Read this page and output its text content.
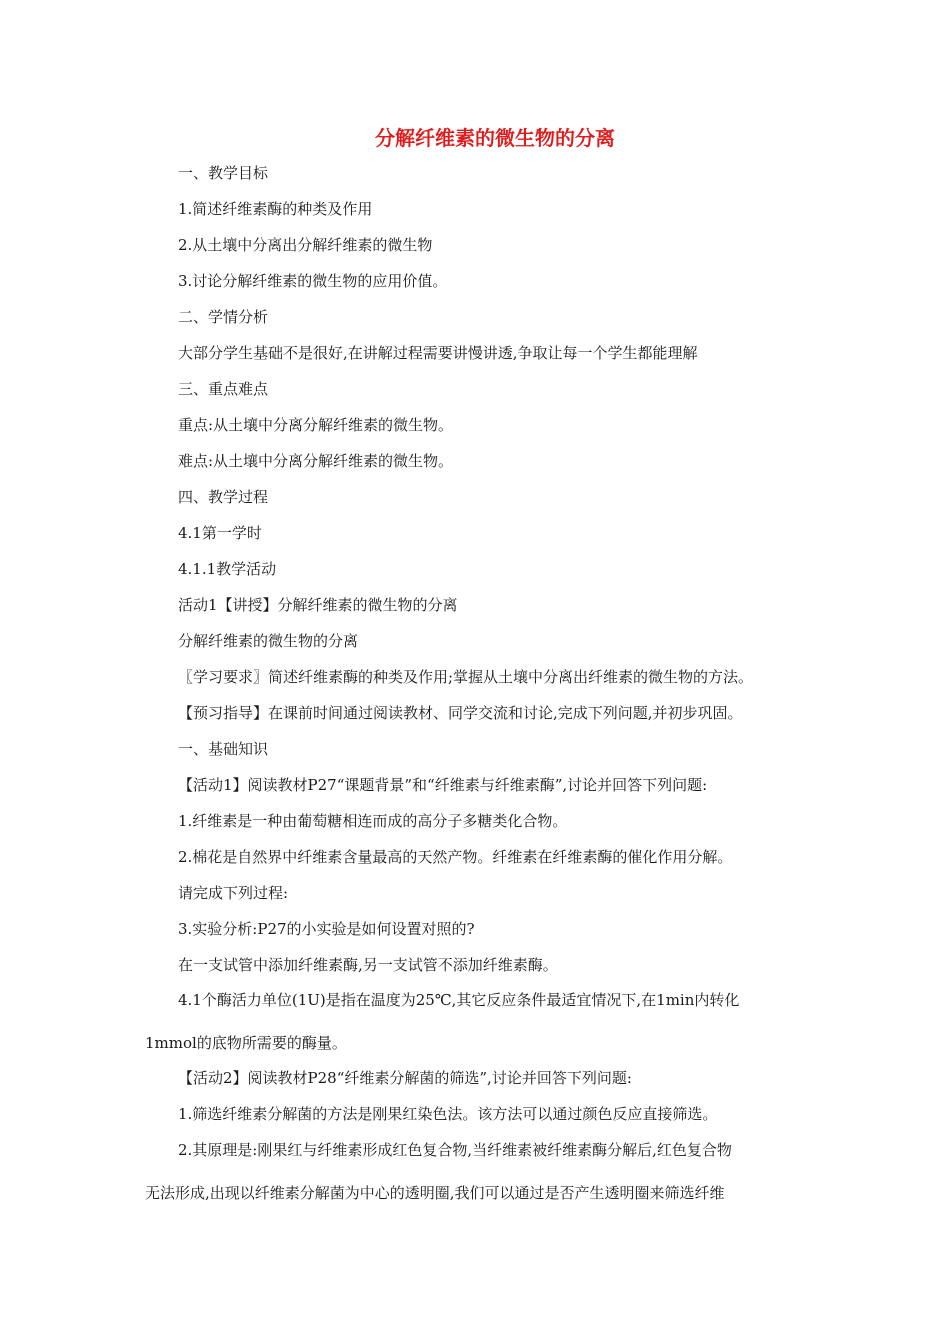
分解纤维素的微生物的分离
一、教学目标
1.简述纤维素酶的种类及作用
2.从土壤中分离出分解纤维素的微生物
3.讨论分解纤维素的微生物的应用价值。
二、学情分析
大部分学生基础不是很好,在讲解过程需要讲慢讲透,争取让每一个学生都能理解
三、重点难点
重点:从土壤中分离分解纤维素的微生物。
难点:从土壤中分离分解纤维素的微生物。
四、教学过程
4.1第一学时
4.1.1教学活动
活动1【讲授】分解纤维素的微生物的分离
分解纤维素的微生物的分离
〖学习要求〗简述纤维素酶的种类及作用;掌握从土壤中分离出纤维素的微生物的方法。
【预习指导】在课前时间通过阅读教材、同学交流和讨论,完成下列问题,并初步巩固。
一、基础知识
【活动1】阅读教材P27“课题背景”和“纤维素与纤维素酶”,讨论并回答下列问题:
1.纤维素是一种由葡萄糖相连而成的高分子多糖类化合物。
2.棉花是自然界中纤维素含量最高的天然产物。纤维素在纤维素酶的催化作用分解。
请完成下列过程:
3.实验分析:P27的小实验是如何设置对照的?
在一支试管中添加纤维素酶,另一支试管不添加纤维素酶。
4.1个酶活力单位(1U)是指在温度为25℃,其它反应条件最适宜情况下,在1min内转化
1mmol的底物所需要的酶量。
【活动2】阅读教材P28“纤维素分解菌的筛选”,讨论并回答下列问题:
1.筛选纤维素分解菌的方法是刚果红染色法。该方法可以通过颜色反应直接筛选。
2.其原理是:刚果红与纤维素形成红色复合物,当纤维素被纤维素酶分解后,红色复合物
无法形成,出现以纤维素分解菌为中心的透明圈,我们可以通过是否产生透明圈来筛选纤维
